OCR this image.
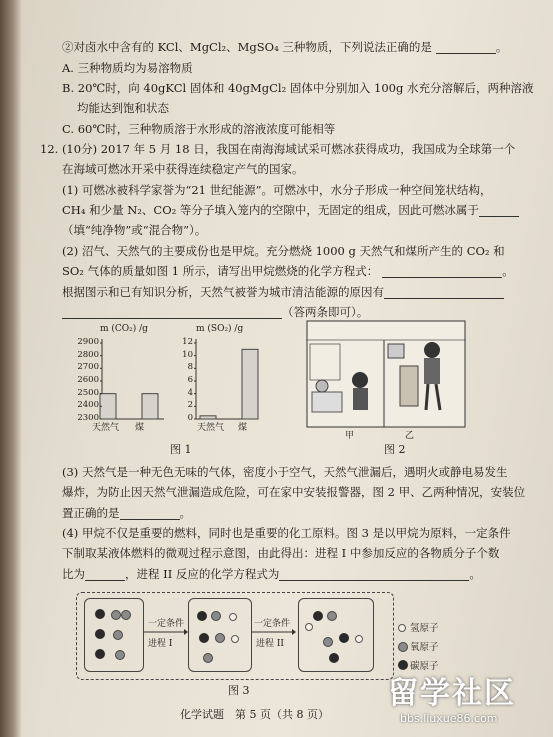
②对卤水中含有的 KCl、MgCl₂、MgSO₄ 三种物质，下列说法正确的是	。
A. 三种物质均为易溶物质
B. 20℃时，向 40gKCl 固体和 40gMgCl₂ 固体中分别加入 100g 水充分溶解后，两种溶液
均能达到饱和状态
C. 60℃时，三种物质溶于水形成的溶液浓度可能相等
12. (10分) 2017 年 5 月 18 日，我国在南海海域试采可燃冰获得成功，我国成为全球第一个
在海域可燃冰开采中获得连续稳定产气的国家。
(1) 可燃冰被科学家誉为“21 世纪能源”。可燃冰中，水分子形成一种空间笼状结构，
CH₄ 和少量 N₂、CO₂ 等分子填入笼内的空隙中，无固定的组成，因此可燃冰属于
（填“纯净物”或“混合物”）。
(2) 沼气、天然气的主要成份也是甲烷。充分燃烧 1000 g 天然气和煤所产生的 CO₂ 和
SO₂ 气体的质量如图 1 所示，请写出甲烷燃烧的化学方程式：	。
根据图示和已有知识分析，天然气被誉为城市清洁能源的原因有
（答两条即可）。
m (CO₂) /g	m (SO₂) /g
2900
2800
2700
2600
2500
2400
2300
12
10
8
6
4
2
0
天然气 煤	天然气 煤
图 1
甲	乙
图 2
(3) 天然气是一种无色无味的气体，密度小于空气，天然气泄漏后，遇明火或静电易发生
爆炸，为防止因天然气泄漏造成危险，可在家中安装报警器，图 2 甲、乙两种情况，安装位
置正确的是	。
(4) 甲烷不仅是重要的燃料，同时也是重要的化工原料。图 3 是以甲烷为原料，一定条件
下制取某液体燃料的微观过程示意图，由此得出：进程 I 中参加反应的各物质分子个数
比为	，进程 II 反应的化学方程式为	。
一定条件
进程 I
一定条件
进程 II
氢原子
氧原子
碳原子
图 3
化学试题　第 5 页（共 8 页）
留学社区
bbs.liuxue86.com
